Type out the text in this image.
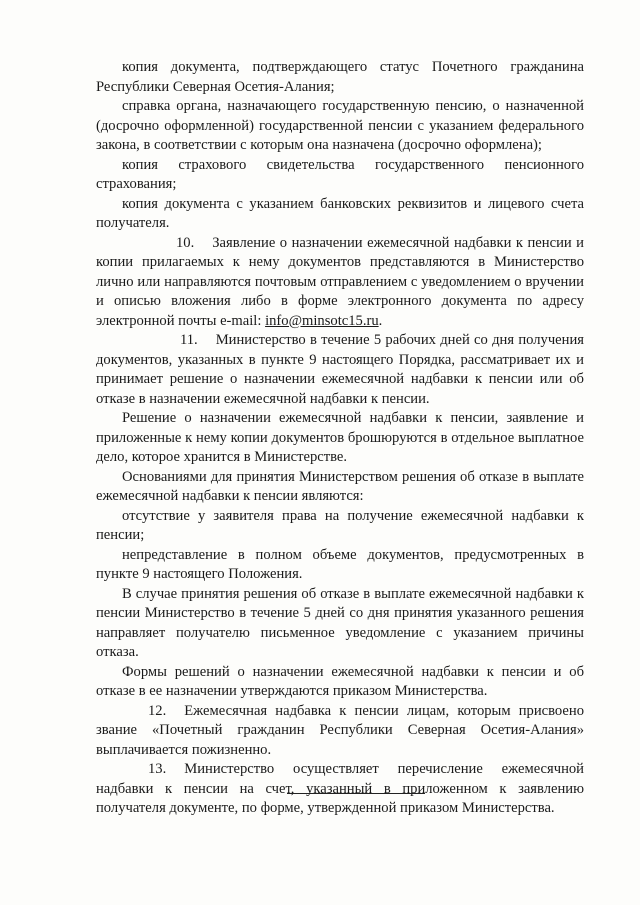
копия документа, подтверждающего статус Почетного гражданина Республики Северная Осетия-Алания;

справка органа, назначающего государственную пенсию, о назначенной (досрочно оформленной) государственной пенсии с указанием федерального закона, в соответствии с которым она назначена (досрочно оформлена);

копия страхового свидетельства государственного пенсионного страхования;

копия документа с указанием банковских реквизитов и лицевого счета получателя.

10. Заявление о назначении ежемесячной надбавки к пенсии и копии прилагаемых к нему документов представляются в Министерство лично или направляются почтовым отправлением с уведомлением о вручении и описью вложения либо в форме электронного документа по адресу электронной почты e-mail: info@minsotc15.ru.

11. Министерство в течение 5 рабочих дней со дня получения документов, указанных в пункте 9 настоящего Порядка, рассматривает их и принимает решение о назначении ежемесячной надбавки к пенсии или об отказе в назначении ежемесячной надбавки к пенсии.

Решение о назначении ежемесячной надбавки к пенсии, заявление и приложенные к нему копии документов брошюруются в отдельное выплатное дело, которое хранится в Министерстве.

Основаниями для принятия Министерством решения об отказе в выплате ежемесячной надбавки к пенсии являются:

отсутствие у заявителя права на получение ежемесячной надбавки к пенсии;

непредставление в полном объеме документов, предусмотренных в пункте 9 настоящего Положения.

В случае принятия решения об отказе в выплате ежемесячной надбавки к пенсии Министерство в течение 5 дней со дня принятия указанного решения направляет получателю письменное уведомление с указанием причины отказа.

Формы решений о назначении ежемесячной надбавки к пенсии и об отказе в ее назначении утверждаются приказом Министерства.

12. Ежемесячная надбавка к пенсии лицам, которым присвоено звание «Почетный гражданин Республики Северная Осетия-Алания» выплачивается пожизненно.

13. Министерство осуществляет перечисление ежемесячной надбавки к пенсии на счет, указанный в приложенном к заявлению получателя документе, по форме, утвержденной приказом Министерства.
